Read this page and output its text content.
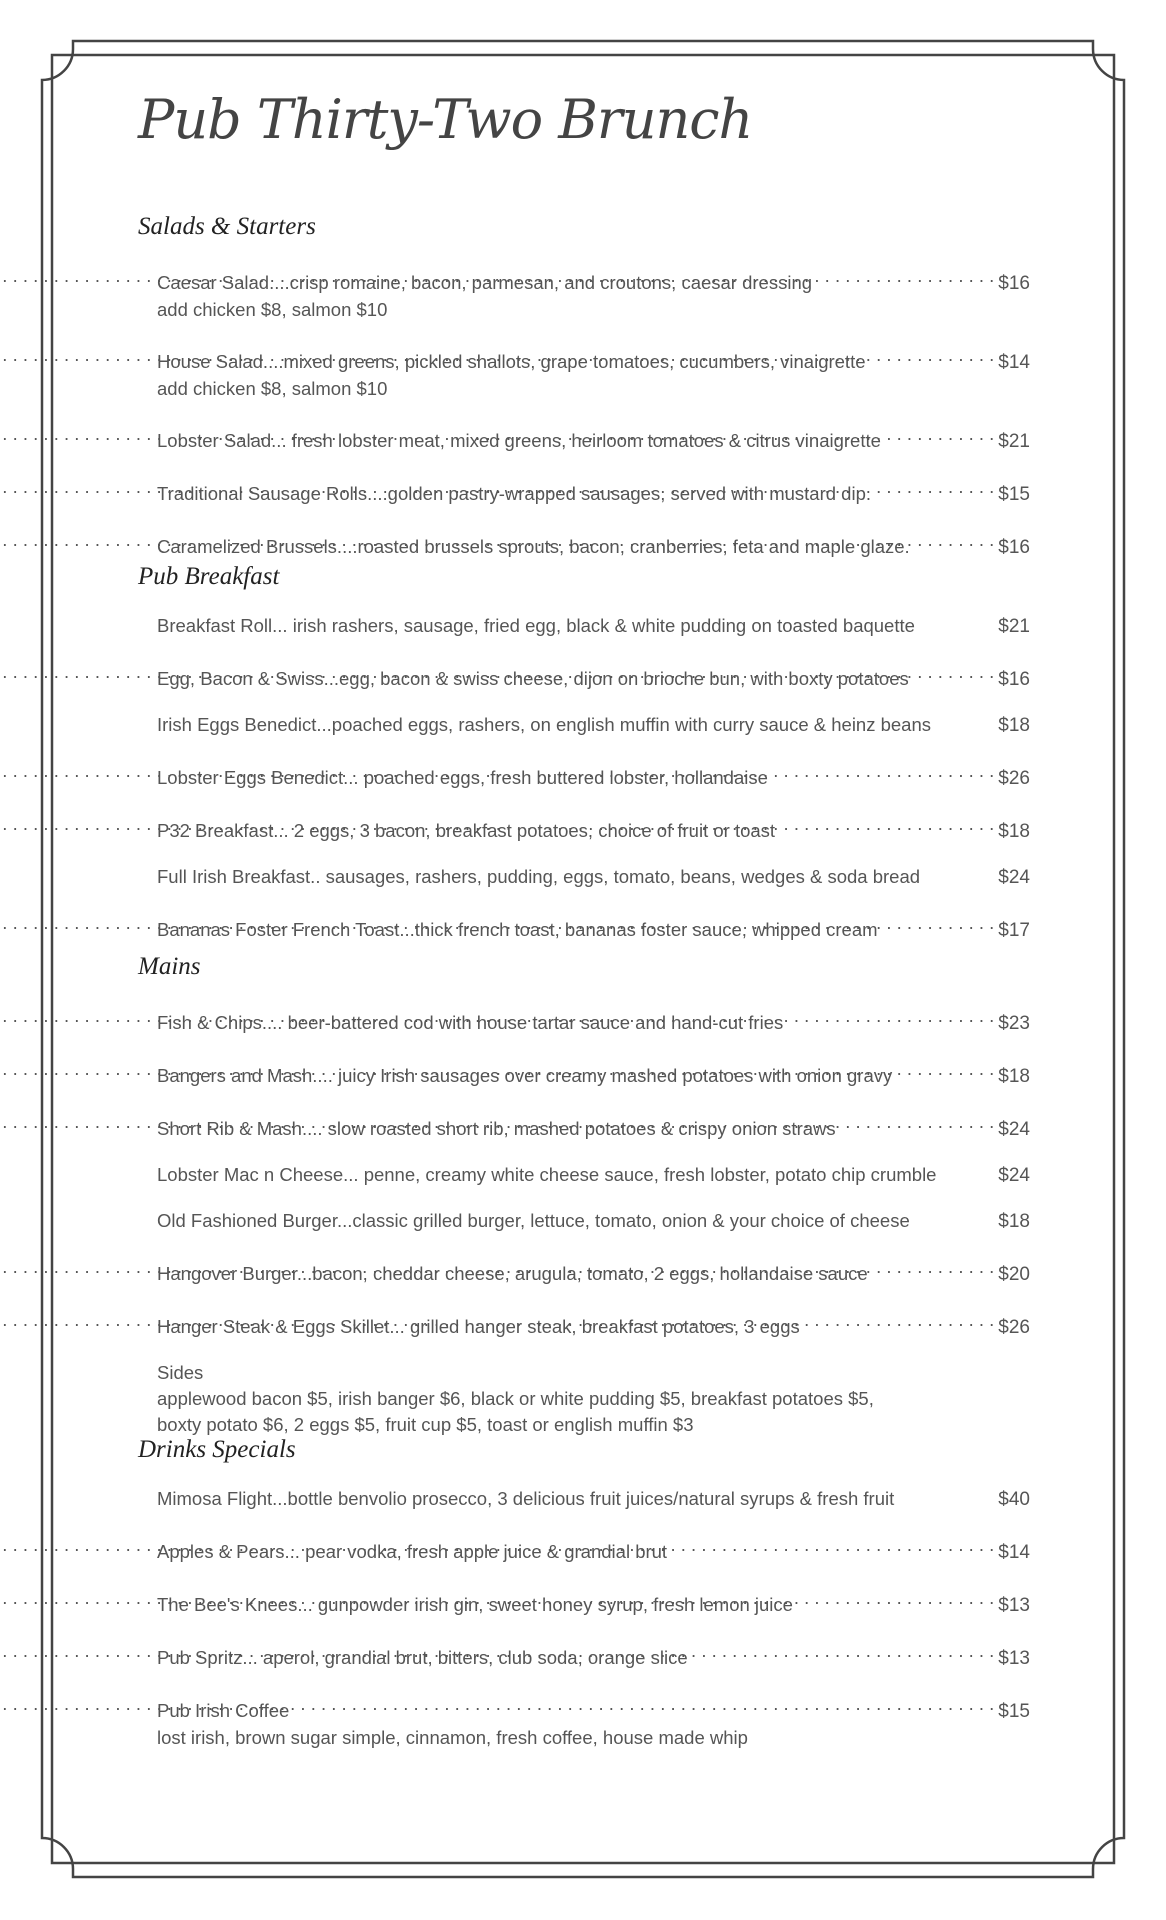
Pub Thirty-Two Brunch
Salads & Starters
Caesar Salad....crisp romaine, bacon, parmesan, and croutons, caesar dressing . . .	$16
add chicken $8, salmon $10
House Salad....mixed greens, pickled shallots, grape tomatoes, cucumbers, vinaigrette . . .	$14
add chicken $8, salmon $10
Lobster Salad... fresh lobster meat, mixed greens, heirloom tomatoes & citrus vinaigrette . . .	$21
Traditional Sausage Rolls....golden pastry-wrapped sausages, served with mustard dip. . . .	$15
Caramelized Brussels....roasted brussels sprouts, bacon, cranberries, feta and maple glaze. . . .	$16
Pub Breakfast
Breakfast Roll... irish rashers, sausage, fried egg, black & white pudding on toasted baquette	$21
Egg, Bacon & Swiss...egg, bacon & swiss cheese, dijon on brioche bun, with boxty potatoes . . .	$16
Irish Eggs Benedict...poached eggs, rashers, on english muffin with curry sauce & heinz beans	$18
Lobster Eggs Benedict... poached eggs, fresh buttered lobster, hollandaise . . .	$26
P32 Breakfast... 2 eggs, 3 bacon, breakfast potatoes, choice of fruit or toast . . .	$18
Full Irish Breakfast.. sausages, rashers, pudding, eggs, tomato, beans, wedges & soda bread	$24
Bananas Foster French Toast...thick french toast, bananas foster sauce, whipped cream . . .	$17
Mains
Fish & Chips.... beer-battered cod with house tartar sauce and hand-cut fries . . .	$23
Bangers and Mash.... juicy Irish sausages over creamy mashed potatoes with onion gravy . . .	$18
Short Rib & Mash.... slow roasted short rib, mashed potatoes & crispy onion straws . . .	$24
Lobster Mac n Cheese... penne, creamy white cheese sauce, fresh lobster, potato chip crumble	$24
Old Fashioned Burger...classic grilled burger, lettuce, tomato, onion & your choice of cheese	$18
Hangover Burger...bacon, cheddar cheese, arugula, tomato, 2 eggs, hollandaise sauce . . .	$20
Hanger Steak & Eggs Skillet... grilled hanger steak, breakfast potatoes, 3 eggs . . .	$26
Sides
applewood bacon $5, irish banger $6, black or white pudding $5, breakfast potatoes $5,
boxty potato $6, 2 eggs $5, fruit cup $5, toast or english muffin $3
Drinks Specials
Mimosa Flight...bottle benvolio prosecco, 3 delicious fruit juices/natural syrups & fresh fruit	$40
Apples & Pears... pear vodka, fresh apple juice & grandial brut . . .	$14
The Bee's Knees... gunpowder irish gin, sweet honey syrup, fresh lemon juice . . .	$13
Pub Spritz... aperol, grandial brut, bitters, club soda, orange slice . . .	$13
Pub Irish Coffee . . .	$15
lost irish, brown sugar simple, cinnamon, fresh coffee, house made whip
